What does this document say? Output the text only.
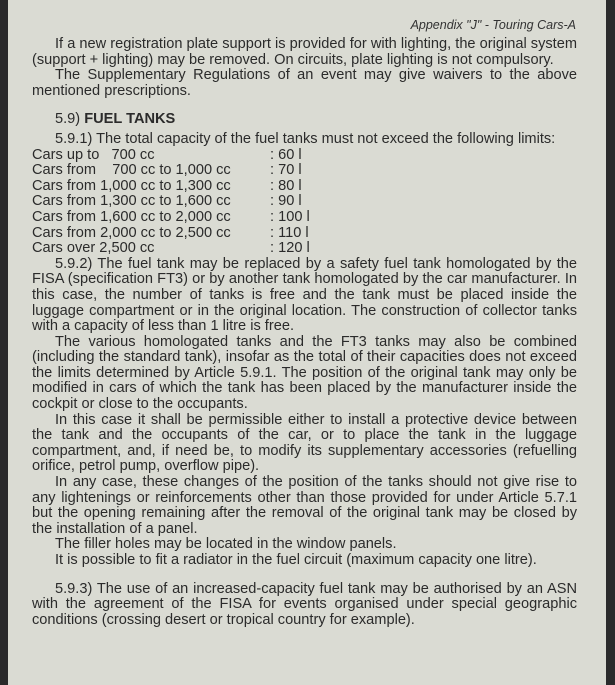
Appendix "J" - Touring Cars-A

If a new registration plate support is provided for with lighting, the original system (support + lighting) may be removed. On circuits, plate lighting is not compulsory.

The Supplementary Regulations of an event may give waivers to the above mentioned prescriptions.

5.9) FUEL TANKS

5.9.1) The total capacity of the fuel tanks must not exceed the following limits:

Cars up to   700 cc	: 60 l
Cars from    700 cc to 1,000 cc	: 70 l
Cars from 1,000 cc to 1,300 cc	: 80 l
Cars from 1,300 cc to 1,600 cc	: 90 l
Cars from 1,600 cc to 2,000 cc	: 100 l
Cars from 2,000 cc to 2,500 cc	: 110 l
Cars over 2,500 cc	: 120 l

5.9.2) The fuel tank may be replaced by a safety fuel tank homologated by the FISA (specification FT3) or by another tank homologated by the car manufacturer. In this case, the number of tanks is free and the tank must be placed inside the luggage compartment or in the original location. The construction of collector tanks with a capacity of less than 1 litre is free.

The various homologated tanks and the FT3 tanks may also be combined (including the standard tank), insofar as the total of their capacities does not exceed the limits determined by Article 5.9.1. The position of the original tank may only be modified in cars of which the tank has been placed by the manufacturer inside the cockpit or close to the occupants.

In this case it shall be permissible either to install a protective device between the tank and the occupants of the car, or to place the tank in the luggage compartment, and, if need be, to modify its supplementary accessories (refuelling orifice, petrol pump, overflow pipe).

In any case, these changes of the position of the tanks should not give rise to any lightenings or reinforcements other than those provided for under Article 5.7.1 but the opening remaining after the removal of the original tank may be closed by the installation of a panel.

The filler holes may be located in the window panels.

It is possible to fit a radiator in the fuel circuit (maximum capacity one litre).

5.9.3) The use of an increased-capacity fuel tank may be authorised by an ASN with the agreement of the FISA for events organised under special geographic conditions (crossing desert or tropical country for example).
